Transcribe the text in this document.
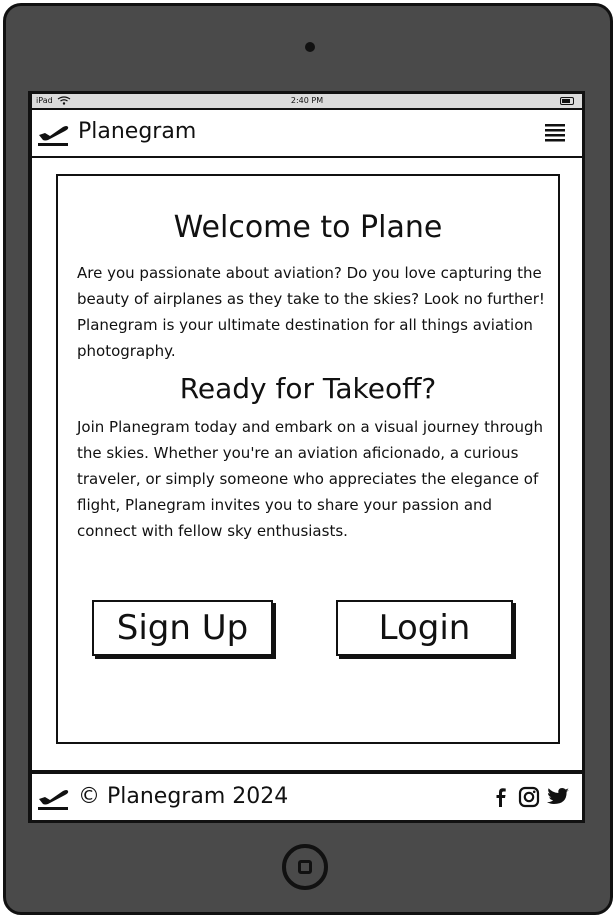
iPad	2:40 PM
Planegram
Welcome to Plane

Are you passionate about aviation? Do you love capturing the beauty of airplanes as they take to the skies? Look no further! Planegram is your ultimate destination for all things aviation photography.

Ready for Takeoff?

Join Planegram today and embark on a visual journey through the skies. Whether you're an aviation aficionado, a curious traveler, or simply someone who appreciates the elegance of flight, Planegram invites you to share your passion and connect with fellow sky enthusiasts.

Sign Up	Login
© Planegram 2024
